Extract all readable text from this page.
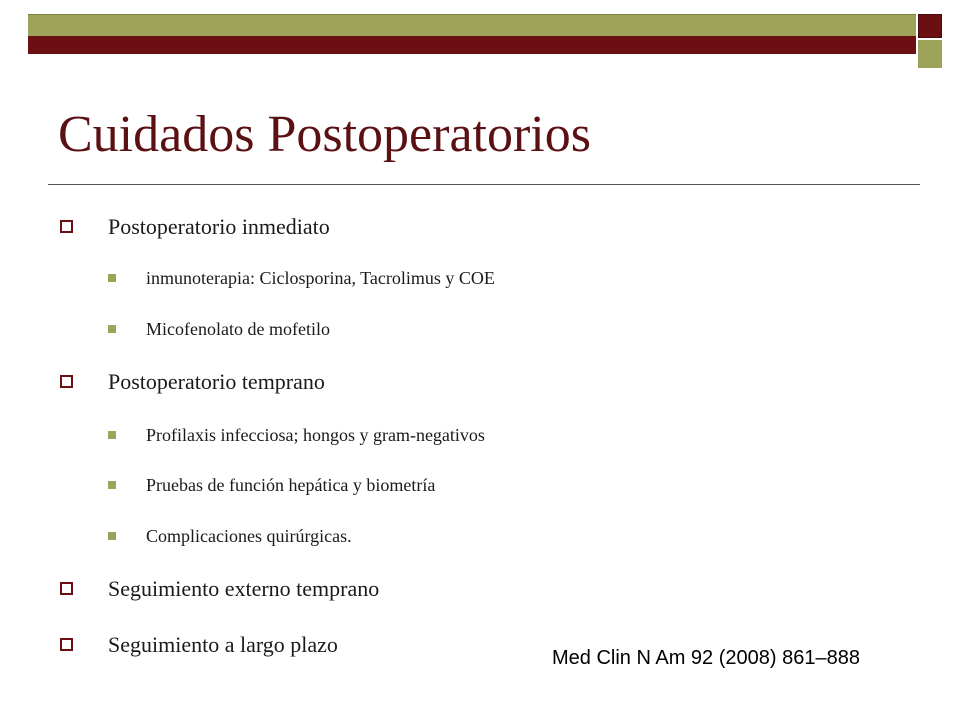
Cuidados Postoperatorios
Postoperatorio inmediato
inmunoterapia: Ciclosporina, Tacrolimus y COE
Micofenolato de mofetilo
Postoperatorio temprano
Profilaxis infecciosa; hongos y gram-negativos
Pruebas de función hepática y biometría
Complicaciones quirúrgicas.
Seguimiento externo temprano
Seguimiento a largo plazo
Med Clin N Am 92 (2008) 861–888
